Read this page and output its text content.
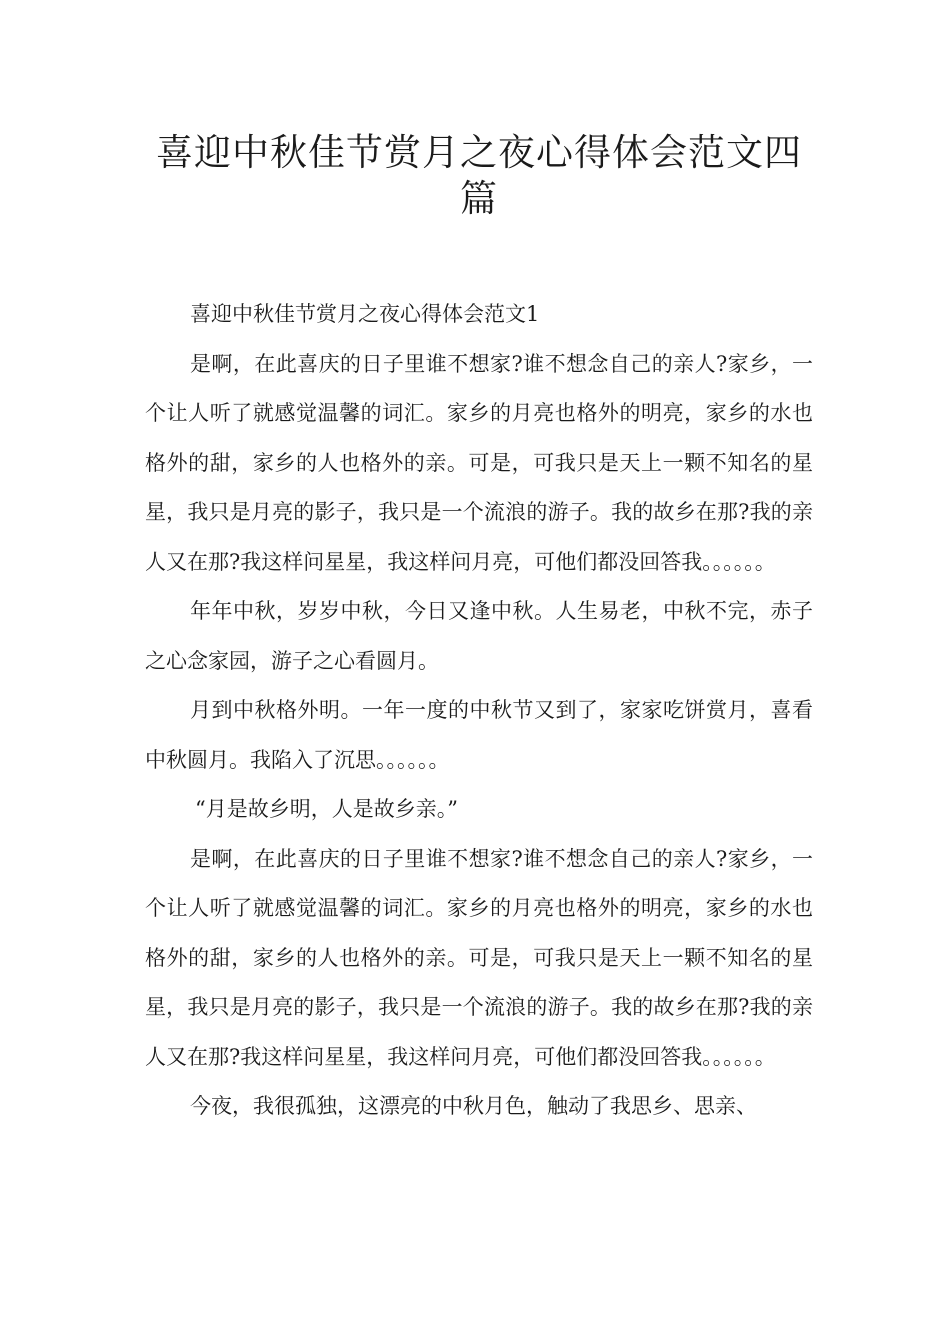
喜迎中秋佳节赏月之夜心得体会范文四
篇

喜迎中秋佳节赏月之夜心得体会范文1

是啊，在此喜庆的日子里谁不想家?谁不想念自己的亲人?家乡，一个让人听了就感觉温馨的词汇。家乡的月亮也格外的明亮，家乡的水也格外的甜，家乡的人也格外的亲。可是，可我只是天上一颗不知名的星星，我只是月亮的影子，我只是一个流浪的游子。我的故乡在那?我的亲人又在那?我这样问星星，我这样问月亮，可他们都没回答我。。。。。。

年年中秋，岁岁中秋，今日又逢中秋。人生易老，中秋不完，赤子之心念家园，游子之心看圆月。

月到中秋格外明。一年一度的中秋节又到了，家家吃饼赏月，喜看中秋圆月。我陷入了沉思。。。。。。

“月是故乡明，人是故乡亲。”

是啊，在此喜庆的日子里谁不想家?谁不想念自己的亲人?家乡，一个让人听了就感觉温馨的词汇。家乡的月亮也格外的明亮，家乡的水也格外的甜，家乡的人也格外的亲。可是，可我只是天上一颗不知名的星星，我只是月亮的影子，我只是一个流浪的游子。我的故乡在那?我的亲人又在那?我这样问星星，我这样问月亮，可他们都没回答我。。。。。。

今夜，我很孤独，这漂亮的中秋月色，触动了我思乡、思亲、
